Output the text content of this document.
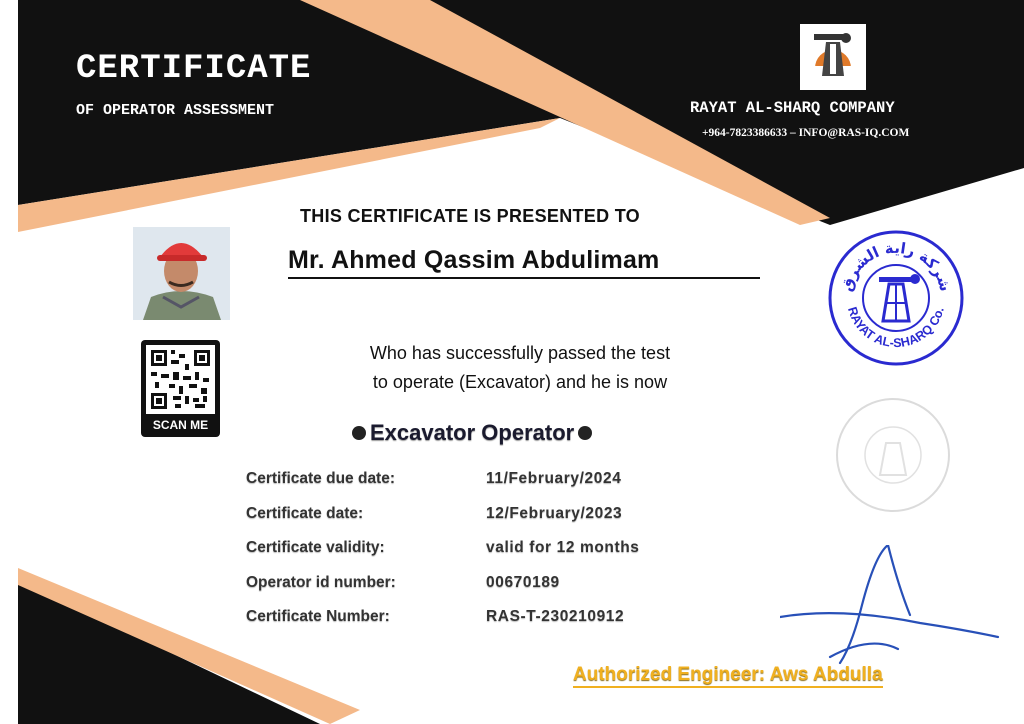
CERTIFICATE
OF OPERATOR ASSESSMENT	RAYAT AL-SHARQ COMPANY
+964-7823386633 – INFO@RAS-IQ.COM
THIS CERTIFICATE IS PRESENTED TO
Mr. Ahmed Qassim Abdulimam
SCAN ME
Who has successfully passed the test
to operate (Excavator) and he is now
Excavator Operator
Certificate due date:	11/February/2024
Certificate date:	12/February/2023
Certificate validity:	valid for 12 months
Operator id number:	00670189
Certificate Number:	RAS-T-230210912
شركة راية الشرق
RAYAT AL-SHARQ Co.
Authorized Engineer: Aws Abdulla
